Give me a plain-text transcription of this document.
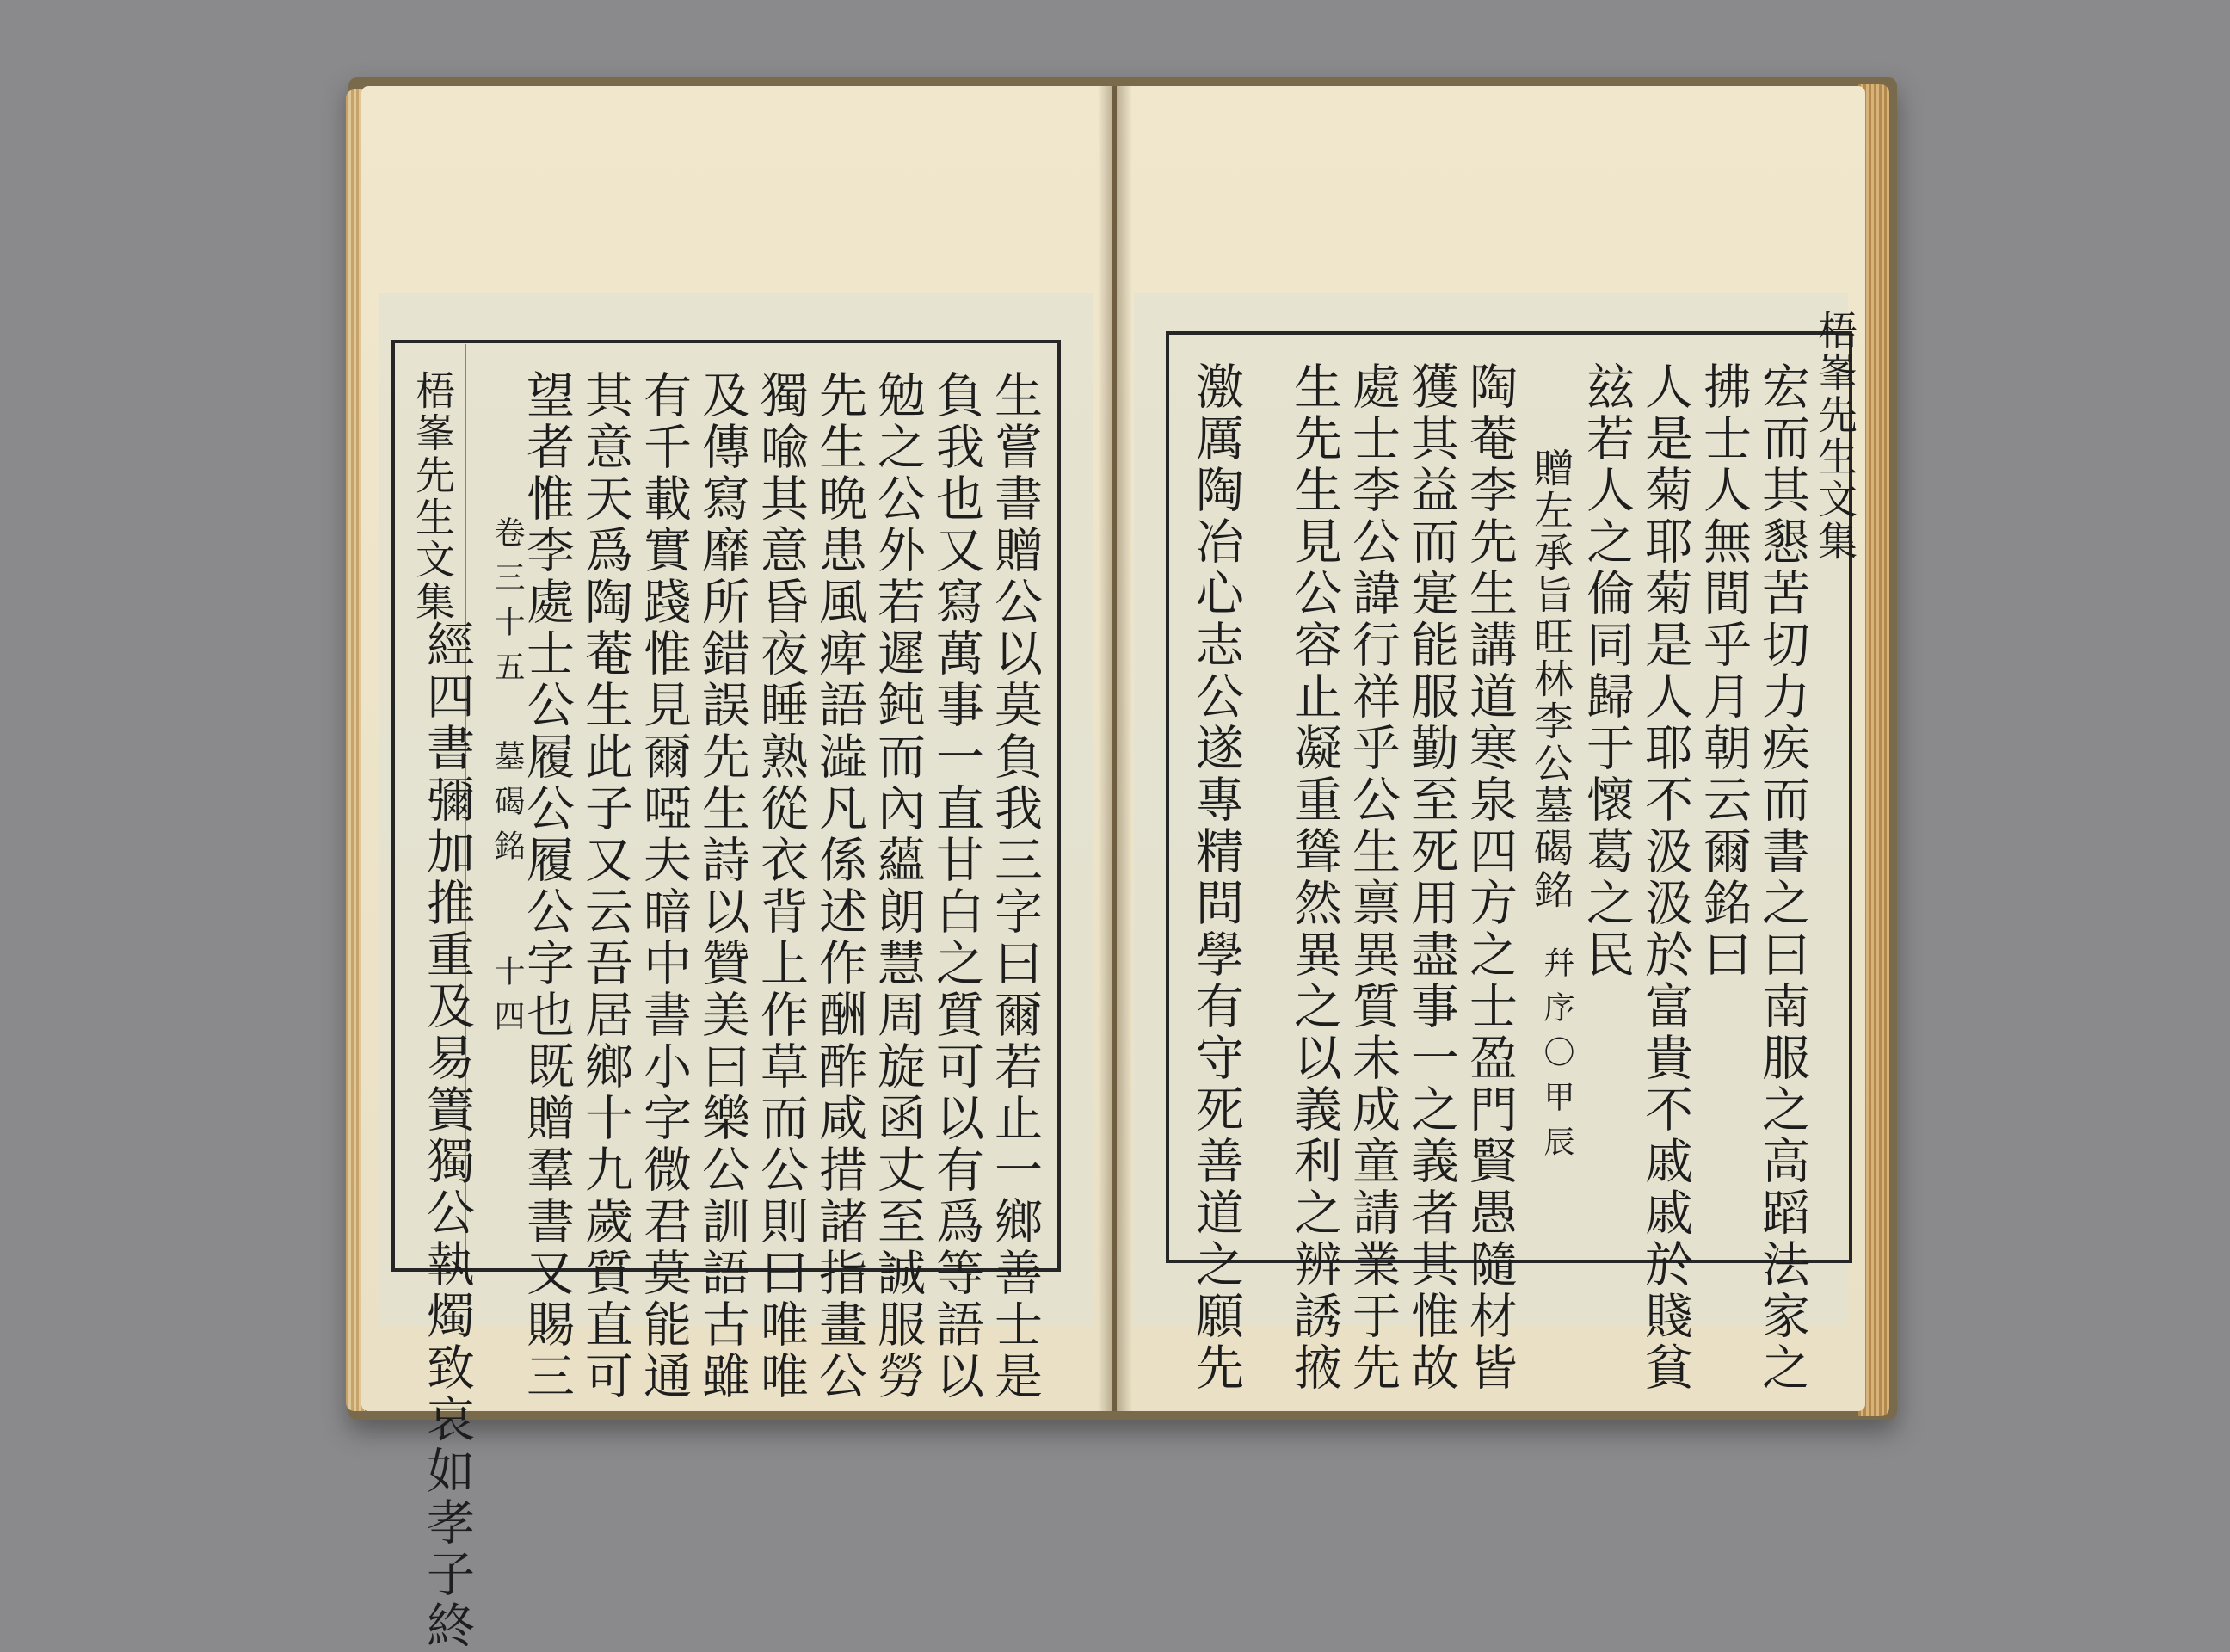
梧峯先生文集	卷三十五
墓碣銘
十四	生嘗書贈公以莫負我三字曰爾若止一鄉善士是
負我也又寫萬事一直甘白之質可以有爲等語以
勉之公外若遲鈍而內蘊朗慧周旋函丈至誠服勞
先生晩患風痺語澁凡係述作酬酢咸措諸指畫公
獨喩其意昏夜睡熟從衣背上作草而公則曰唯唯
及傳寫靡所錯誤先生詩以贊美曰樂公訓語古雖
有千載實踐惟見爾啞夫暗中書小字微君莫能通
其意天爲陶菴生此子又云吾居鄉十九歲質直可
望者惟李處士公履公履公字也既贈羣書又賜三
經四書彌加推重及易簀獨公執燭致哀如孝子終
梧峯先生文集
宏而其懇苦切力疾而書之曰南服之高蹈法家之
拂士人無間乎月朝云爾銘曰
人是菊耶菊是人耶不汲汲於富貴不戚戚於賤貧
玆若人之倫同歸于懷葛之民
贈左承旨旺林李公墓碣銘
幷序〇甲辰
陶菴李先生講道寒泉四方之士盈門賢愚隨材皆
獲其益而寔能服勤至死用盡事一之義者其惟故
處士李公諱行祥乎公生禀異質未成童請業于先
生先生見公容止凝重聳然異之以義利之辨誘掖
激厲陶冶心志公遂專精問學有守死善道之願先
